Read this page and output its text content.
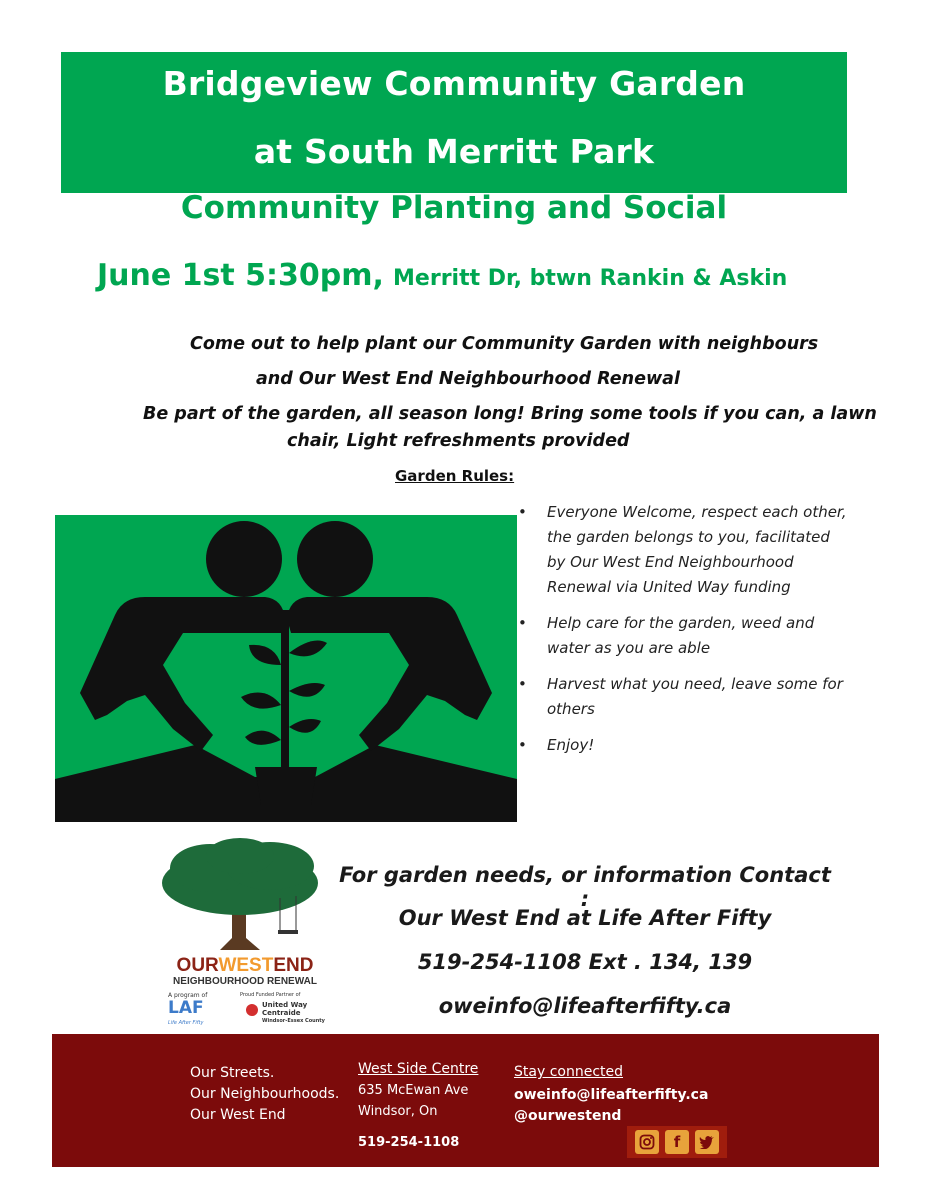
Bridgeview Community Garden
at South Merritt Park
Community Planting and Social
June 1st 5:30pm, Merritt Dr, btwn Rankin & Askin
Come out to help plant our Community Garden with neighbours
and Our West End Neighbourhood Renewal
Be part of the garden, all season long! Bring some tools if you can, a lawn
chair, Light refreshments provided
Garden Rules:
• Everyone Welcome, respect each other, the garden belongs to you, facilitated by Our West End Neighbourhood Renewal via United Way funding
• Help care for the garden, weed and water as you are able
• Harvest what you need, leave some for others
• Enjoy!
OURWESTEND
NEIGHBOURHOOD RENEWAL
A program of
LAF
Life After Fifty
Proud Funded Partner of
United Way
Centraide
Windsor-Essex County
For garden needs, or information Contact :
Our West End at Life After Fifty
519-254-1108 Ext . 134, 139
oweinfo@lifeafterfifty.ca
Our Streets.
Our Neighbourhoods.
Our West End
West Side Centre
635 McEwan Ave
Windsor, On
519-254-1108
Stay connected
oweinfo@lifeafterfifty.ca
@ourwestend
f
